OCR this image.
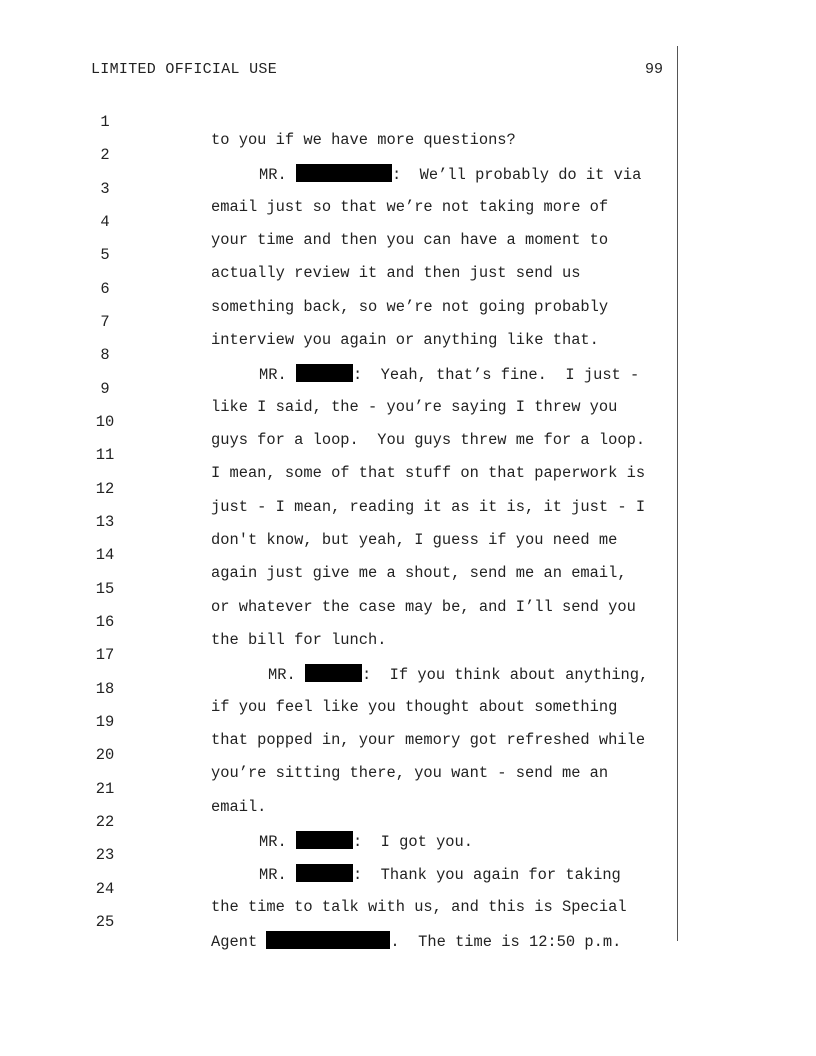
LIMITED OFFICIAL USE	99

1

to you if we have more questions?

2

MR.	:  We’ll probably do it via

3

email just so that we’re not taking more of

4

your time and then you can have a moment to

5

actually review it and then just send us

6

something back, so we’re not going probably

7

interview you again or anything like that.

8

MR.	:  Yeah, that’s fine.  I just -

9

like I said, the - you’re saying I threw you

10

guys for a loop.  You guys threw me for a loop.

11

I mean, some of that stuff on that paperwork is

12

just - I mean, reading it as it is, it just - I

13

don't know, but yeah, I guess if you need me

14

again just give me a shout, send me an email,

15

or whatever the case may be, and I’ll send you

16

the bill for lunch.

17

MR.	:  If you think about anything,

18

if you feel like you thought about something

19

that popped in, your memory got refreshed while

20

you’re sitting there, you want - send me an

21

email.

22

MR.	:  I got you.

23

MR.	:  Thank you again for taking

24

the time to talk with us, and this is Special

25

Agent	.  The time is 12:50 p.m.
